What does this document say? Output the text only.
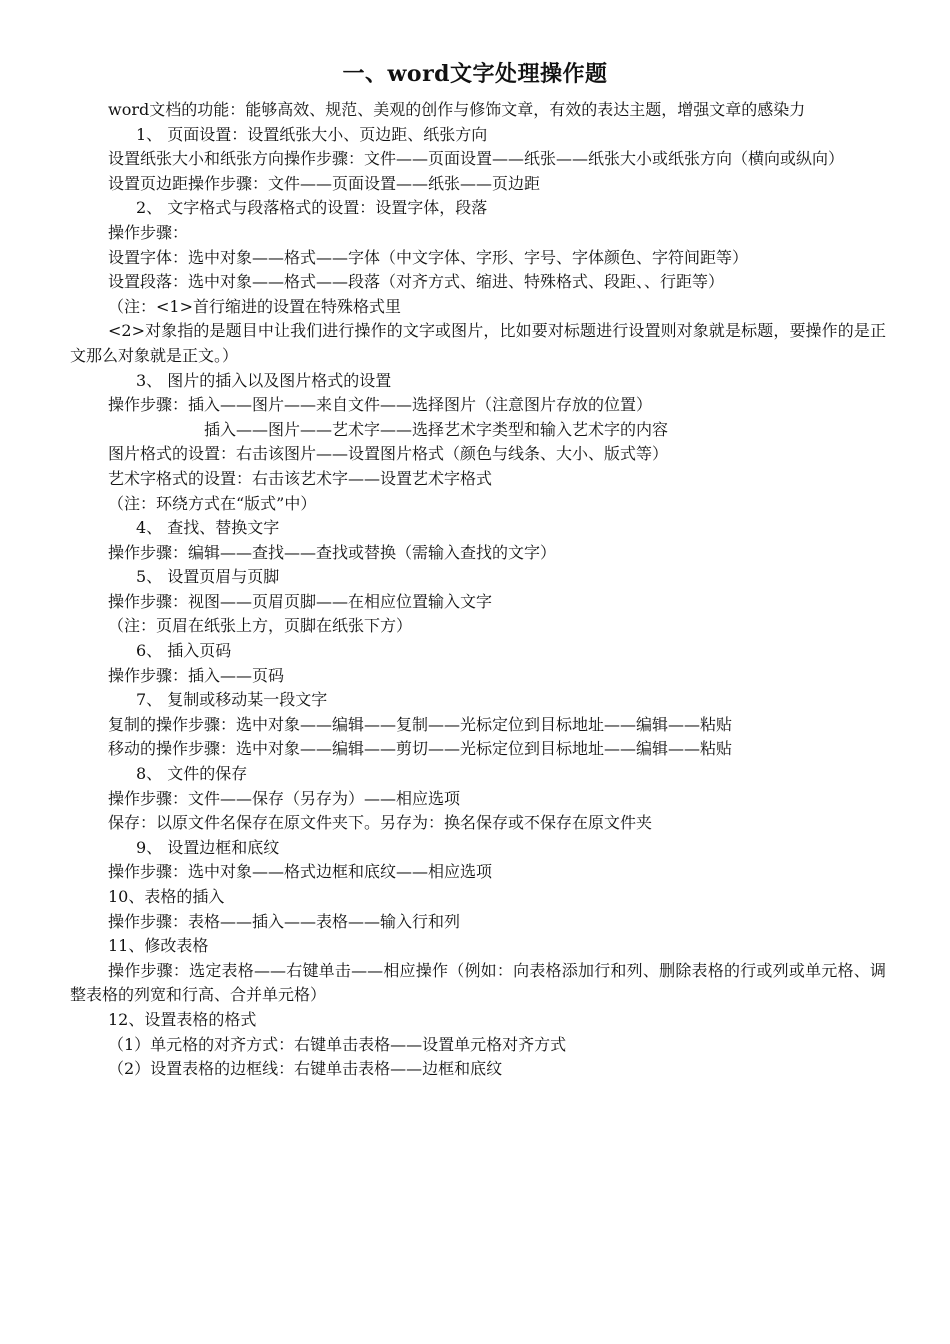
一、word文字处理操作题

word文档的功能：能够高效、规范、美观的创作与修饰文章，有效的表达主题，增强文章的感染力

1、 页面设置：设置纸张大小、页边距、纸张方向

设置纸张大小和纸张方向操作步骤：文件——页面设置——纸张——纸张大小或纸张方向（横向或纵向）

设置页边距操作步骤：文件——页面设置——纸张——页边距

2、 文字格式与段落格式的设置：设置字体，段落

操作步骤：

设置字体：选中对象——格式——字体（中文字体、字形、字号、字体颜色、字符间距等）

设置段落：选中对象——格式——段落（对齐方式、缩进、特殊格式、段距、、行距等）

（注：<1>首行缩进的设置在特殊格式里

<2>对象指的是题目中让我们进行操作的文字或图片，比如要对标题进行设置则对象就是标题，要操作的是正文那么对象就是正文。）

3、 图片的插入以及图片格式的设置

操作步骤：插入——图片——来自文件——选择图片（注意图片存放的位置）

插入——图片——艺术字——选择艺术字类型和输入艺术字的内容

图片格式的设置：右击该图片——设置图片格式（颜色与线条、大小、版式等）

艺术字格式的设置：右击该艺术字——设置艺术字格式

（注：环绕方式在“版式”中）

4、 查找、替换文字

操作步骤：编辑——查找——查找或替换（需输入查找的文字）

5、 设置页眉与页脚

操作步骤：视图——页眉页脚——在相应位置输入文字

（注：页眉在纸张上方，页脚在纸张下方）

6、 插入页码

操作步骤：插入——页码

7、 复制或移动某一段文字

复制的操作步骤：选中对象——编辑——复制——光标定位到目标地址——编辑——粘贴

移动的操作步骤：选中对象——编辑——剪切——光标定位到目标地址——编辑——粘贴

8、 文件的保存

操作步骤：文件——保存（另存为）——相应选项

保存：以原文件名保存在原文件夹下。另存为：换名保存或不保存在原文件夹

9、 设置边框和底纹

操作步骤：选中对象——格式边框和底纹——相应选项

10、表格的插入

操作步骤：表格——插入——表格——输入行和列

11、修改表格

操作步骤：选定表格——右键单击——相应操作（例如：向表格添加行和列、删除表格的行或列或单元格、调整表格的列宽和行高、合并单元格）

12、设置表格的格式

（1）单元格的对齐方式：右键单击表格——设置单元格对齐方式

（2）设置表格的边框线：右键单击表格——边框和底纹
